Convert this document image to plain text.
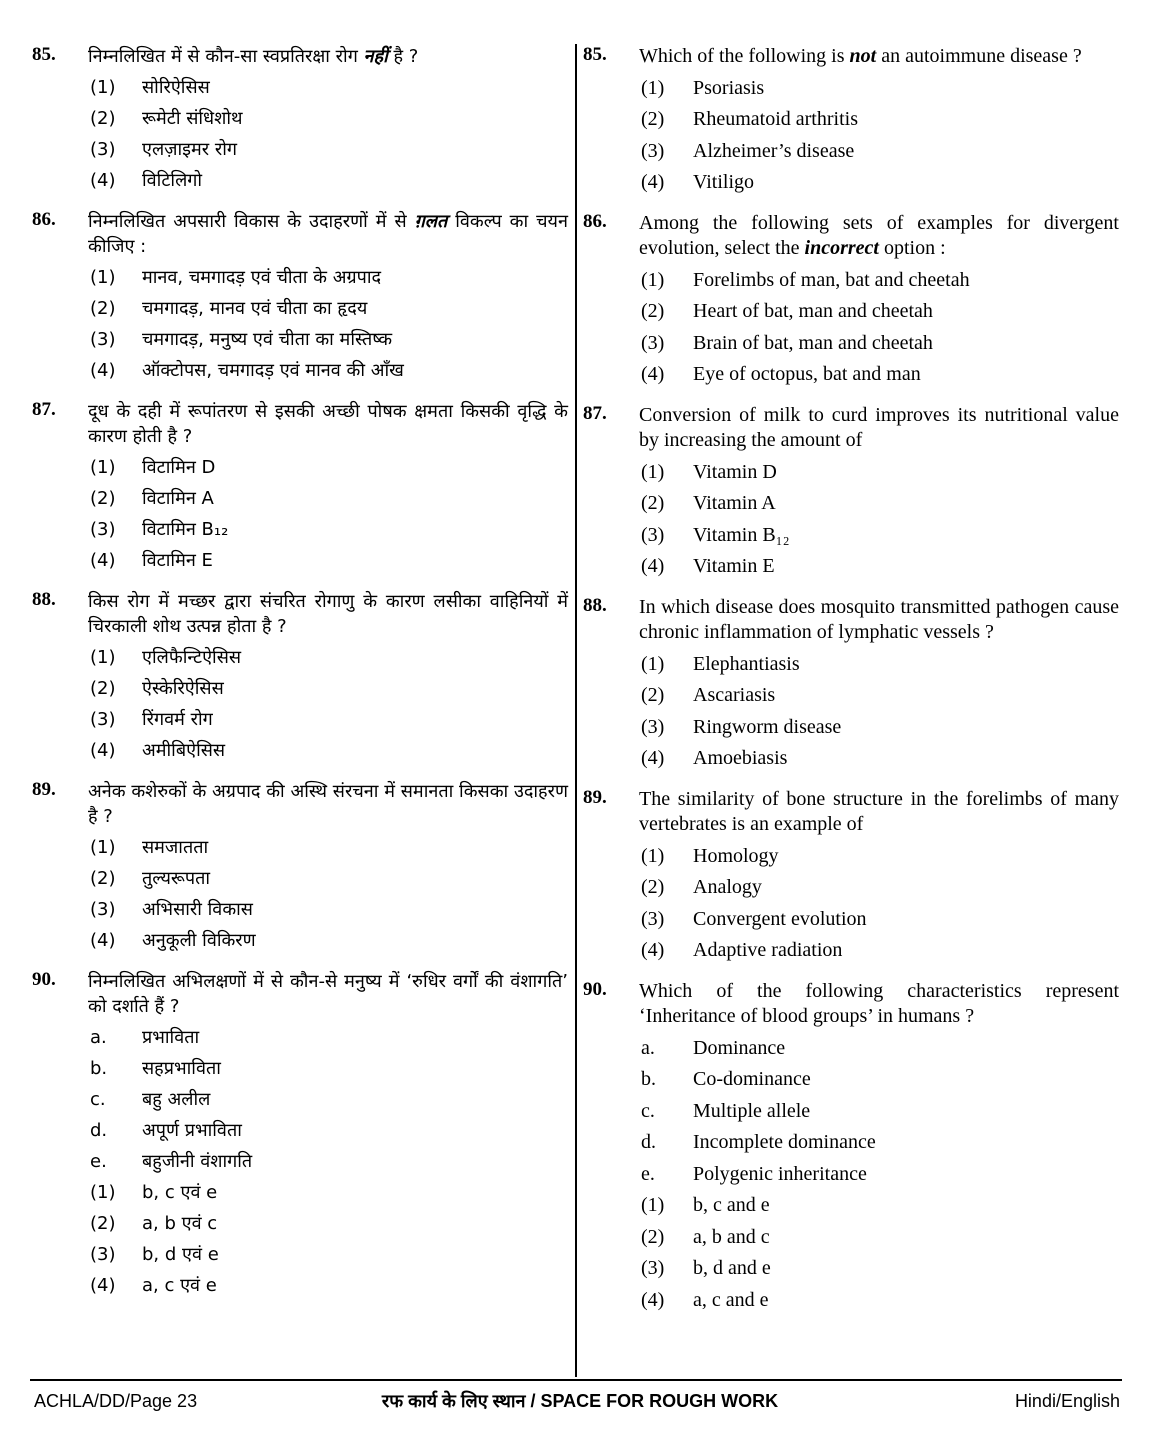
85.	निम्नलिखित में से कौन-सा स्वप्रतिरक्षा रोग नहीं है ?
(1)	सोरिऐसिस
(2)	रूमेटी संधिशोथ
(3)	एलज़ाइमर रोग
(4)	विटिलिगो
86.	निम्नलिखित अपसारी विकास के उदाहरणों में से ग़लत विकल्प का चयन कीजिए :
(1)	मानव, चमगादड़ एवं चीता के अग्रपाद
(2)	चमगादड़, मानव एवं चीता का हृदय
(3)	चमगादड़, मनुष्य एवं चीता का मस्तिष्क
(4)	ऑक्टोपस, चमगादड़ एवं मानव की आँख
87.	दूध के दही में रूपांतरण से इसकी अच्छी पोषक क्षमता किसकी वृद्धि के कारण होती है ?
(1)	विटामिन D
(2)	विटामिन A
(3)	विटामिन B₁₂
(4)	विटामिन E
88.	किस रोग में मच्छर द्वारा संचरित रोगाणु के कारण लसीका वाहिनियों में चिरकाली शोथ उत्पन्न होता है ?
(1)	एलिफैन्टिऐसिस
(2)	ऐस्केरिऐसिस
(3)	रिंगवर्म रोग
(4)	अमीबिऐसिस
89.	अनेक कशेरुकों के अग्रपाद की अस्थि संरचना में समानता किसका उदाहरण है ?
(1)	समजातता
(2)	तुल्यरूपता
(3)	अभिसारी विकास
(4)	अनुकूली विकिरण
90.	निम्नलिखित अभिलक्षणों में से कौन-से मनुष्य में ‘रुधिर वर्गों की वंशागति’ को दर्शाते हैं ?
a.	प्रभाविता
b.	सहप्रभाविता
c.	बहु अलील
d.	अपूर्ण प्रभाविता
e.	बहुजीनी वंशागति
(1)	b, c एवं e
(2)	a, b एवं c
(3)	b, d एवं e
(4)	a, c एवं e
85.	Which of the following is not an autoimmune disease ?
(1)	Psoriasis
(2)	Rheumatoid arthritis
(3)	Alzheimer’s disease
(4)	Vitiligo
86.	Among the following sets of examples for divergent evolution, select the incorrect option :
(1)	Forelimbs of man, bat and cheetah
(2)	Heart of bat, man and cheetah
(3)	Brain of bat, man and cheetah
(4)	Eye of octopus, bat and man
87.	Conversion of milk to curd improves its nutritional value by increasing the amount of
(1)	Vitamin D
(2)	Vitamin A
(3)	Vitamin B₁₂
(4)	Vitamin E
88.	In which disease does mosquito transmitted pathogen cause chronic inflammation of lymphatic vessels ?
(1)	Elephantiasis
(2)	Ascariasis
(3)	Ringworm disease
(4)	Amoebiasis
89.	The similarity of bone structure in the forelimbs of many vertebrates is an example of
(1)	Homology
(2)	Analogy
(3)	Convergent evolution
(4)	Adaptive radiation
90.	Which of the following characteristics represent ‘Inheritance of blood groups’ in humans ?
a.	Dominance
b.	Co-dominance
c.	Multiple allele
d.	Incomplete dominance
e.	Polygenic inheritance
(1)	b, c and e
(2)	a, b and c
(3)	b, d and e
(4)	a, c and e
ACHLA/DD/Page 23	रफ कार्य के लिए स्थान / SPACE FOR ROUGH WORK	Hindi/English
